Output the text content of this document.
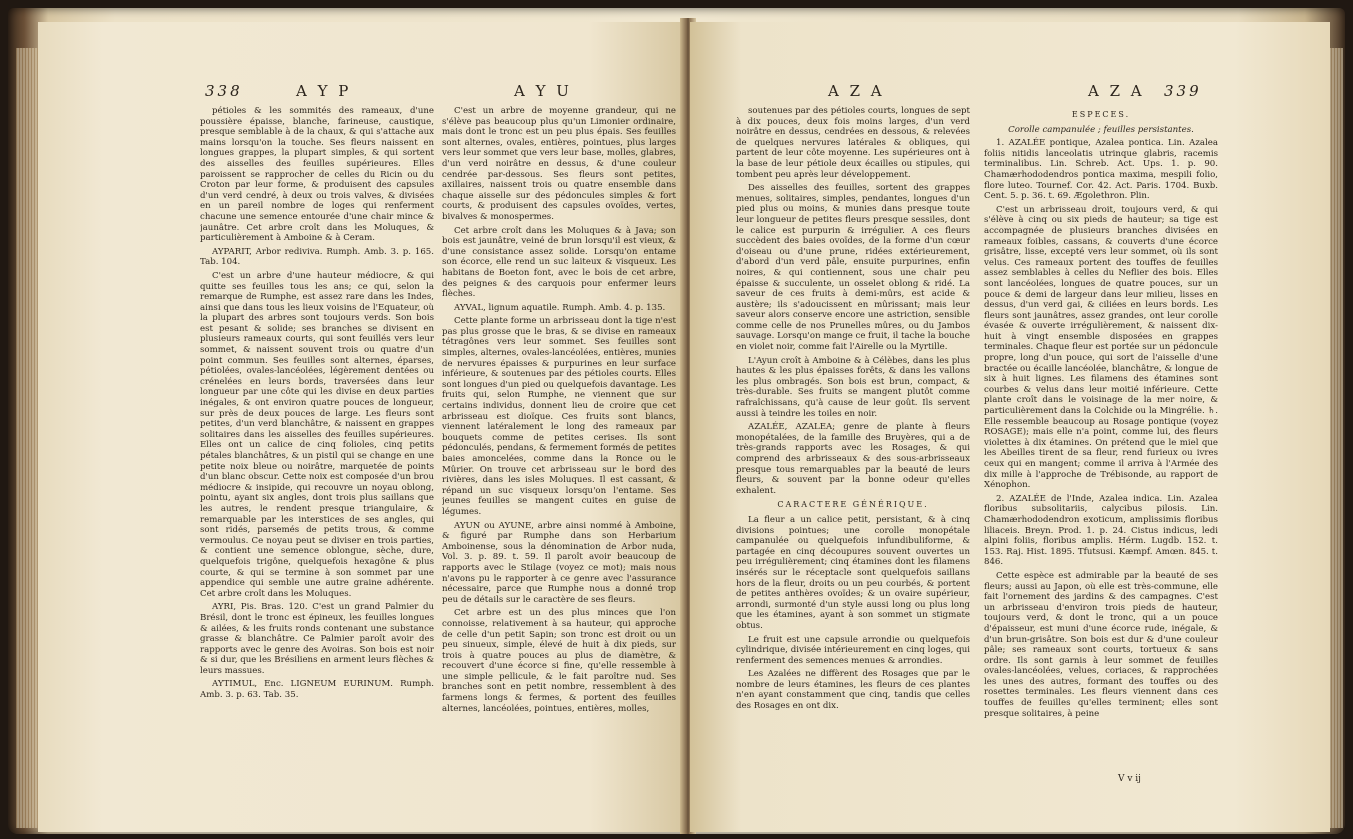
338	A Y P	A Y U

pétioles & les sommités des rameaux, d'une poussière épaisse, blanche, farineuse, caustique, presque semblable à de la chaux, & qui s'attache aux mains lorsqu'on la touche. Ses fleurs naissent en longues grappes, la plupart simples, & qui sortent des aisselles des feuilles supérieures. Elles paroissent se rapprocher de celles du Ricin ou du Croton par leur forme, & produisent des capsules d'un verd cendré, à deux ou trois valves, & divisées en un pareil nombre de loges qui renferment chacune une semence entourée d'une chair mince & jaunâtre. Cet arbre croît dans les Moluques, & particulièrement à Amboine & à Ceram.

AYPARIT, Arbor rediviva. Rumph. Amb. 3. p. 165. Tab. 104.

C'est un arbre d'une hauteur médiocre, & qui quitte ses feuilles tous les ans; ce qui, selon la remarque de Rumphe, est assez rare dans les Indes, ainsi que dans tous les lieux voisins de l'Equateur, où la plupart des arbres sont toujours verds. Son bois est pesant & solide; ses branches se divisent en plusieurs rameaux courts, qui sont feuillés vers leur sommet, & naissent souvent trois ou quatre d'un point commun. Ses feuilles sont alternes, éparses, pétiolées, ovales-lancéolées, légèrement dentées ou crénelées en leurs bords, traversées dans leur longueur par une côte qui les divise en deux parties inégales, & ont environ quatre pouces de longueur, sur près de deux pouces de large. Les fleurs sont petites, d'un verd blanchâtre, & naissent en grappes solitaires dans les aisselles des feuilles supérieures. Elles ont un calice de cinq folioles, cinq petits pétales blanchâtres, & un pistil qui se change en une petite noix bleue ou noirâtre, marquetée de points d'un blanc obscur. Cette noix est composée d'un brou médiocre & insipide, qui recouvre un noyau oblong, pointu, ayant six angles, dont trois plus saillans que les autres, le rendent presque triangulaire, & remarquable par les interstices de ses angles, qui sont ridés, parsemés de petits trous, & comme vermoulus. Ce noyau peut se diviser en trois parties, & contient une semence oblongue, sèche, dure, quelquefois trigône, quelquefois hexagône & plus courte, & qui se termine à son sommet par une appendice qui semble une autre graine adhérente. Cet arbre croît dans les Moluques.

AYRI, Pis. Bras. 120. C'est un grand Palmier du Brésil, dont le tronc est épineux, les feuilles longues & ailées, & les fruits ronds contenant une substance grasse & blanchâtre. Ce Palmier paroît avoir des rapports avec le genre des Avoiras. Son bois est noir & si dur, que les Brésiliens en arment leurs flèches & leurs massues.

AYTIMUL, Enc. LIGNEUM EURINUM. Rumph. Amb. 3. p. 63. Tab. 35.

C'est un arbre de moyenne grandeur, qui ne s'élève pas beaucoup plus qu'un Limonier ordinaire, mais dont le tronc est un peu plus épais. Ses feuilles sont alternes, ovales, entières, pointues, plus larges vers leur sommet que vers leur base, molles, glabres, d'un verd noirâtre en dessus, & d'une couleur cendrée par-dessous. Ses fleurs sont petites, axillaires, naissent trois ou quatre ensemble dans chaque aisselle sur des pédoncules simples & fort courts, & produisent des capsules ovoïdes, vertes, bivalves & monospermes.

Cet arbre croît dans les Moluques & à Java; son bois est jaunâtre, veiné de brun lorsqu'il est vieux, & d'une consistance assez solide. Lorsqu'on entame son écorce, elle rend un suc laiteux & visqueux. Les habitans de Boeton font, avec le bois de cet arbre, des peignes & des carquois pour enfermer leurs flèches.

AYVAL, lignum aquatile. Rumph. Amb. 4. p. 135.

Cette plante forme un arbrisseau dont la tige n'est pas plus grosse que le bras, & se divise en rameaux tétragônes vers leur sommet. Ses feuilles sont simples, alternes, ovales-lancéolées, entières, munies de nervures épaisses & purpurines en leur surface inférieure, & soutenues par des pétioles courts. Elles sont longues d'un pied ou quelquefois davantage. Les fruits qui, selon Rumphe, ne viennent que sur certains individus, donnent lieu de croire que cet arbrisseau est dioïque. Ces fruits sont blancs, viennent latéralement le long des rameaux par bouquets comme de petites cerises. Ils sont pédonculés, pendans, & fermement formés de petites baies amoncelées, comme dans la Ronce ou le Mûrier. On trouve cet arbrisseau sur le bord des rivières, dans les isles Moluques. Il est cassant, & répand un suc visqueux lorsqu'on l'entame. Ses jeunes feuilles se mangent cuites en guise de légumes.

AYUN ou AYUNE, arbre ainsi nommé à Amboine, & figuré par Rumphe dans son Herbarium Amboinense, sous la dénomination de Arbor nuda, Vol. 3. p. 89. t. 59. Il paroît avoir beaucoup de rapports avec le Stilage (voyez ce mot); mais nous n'avons pu le rapporter à ce genre avec l'assurance nécessaire, parce que Rumphe nous a donné trop peu de détails sur le caractère de ses fleurs.

Cet arbre est un des plus minces que l'on connoisse, relativement à sa hauteur, qui approche de celle d'un petit Sapin; son tronc est droit ou un peu sinueux, simple, élevé de huit à dix pieds, sur trois à quatre pouces au plus de diamètre, & recouvert d'une écorce si fine, qu'elle ressemble à une simple pellicule, & le fait paroître nud. Ses branches sont en petit nombre, ressemblent à des farmens longs & fermes, & portent des feuilles alternes, lancéolées, pointues, entières, molles,

A Z A	A Z A 339

soutenues par des pétioles courts, longues de sept à dix pouces, deux fois moins larges, d'un verd noirâtre en dessus, cendrées en dessous, & relevées de quelques nervures latérales & obliques, qui partent de leur côte moyenne. Les supérieures ont à la base de leur pétiole deux écailles ou stipules, qui tombent peu après leur développement.

Des aisselles des feuilles, sortent des grappes menues, solitaires, simples, pendantes, longues d'un pied plus ou moins, & munies dans presque toute leur longueur de petites fleurs presque sessiles, dont le calice est purpurin & irrégulier. A ces fleurs succèdent des baies ovoïdes, de la forme d'un cœur d'oiseau ou d'une prune, ridées extérieurement, d'abord d'un verd pâle, ensuite purpurines, enfin noires, & qui contiennent, sous une chair peu épaisse & succulente, un osselet oblong & ridé. La saveur de ces fruits à demi-mûrs, est acide & austère; ils s'adoucissent en mûrissant; mais leur saveur alors conserve encore une astriction, sensible comme celle de nos Prunelles mûres, ou du Jambos sauvage. Lorsqu'on mange ce fruit, il tache la bouche en violet noir, comme fait l'Airelle ou la Myrtille.

L'Ayun croît à Amboine & à Célèbes, dans les plus hautes & les plus épaisses forêts, & dans les vallons les plus ombragés. Son bois est brun, compact, & très-durable. Ses fruits se mangent plutôt comme rafraîchissans, qu'à cause de leur goût. Ils servent aussi à teindre les toiles en noir.

AZALÉE, AZALEA; genre de plante à fleurs monopétalées, de la famille des Bruyères, qui a de très-grands rapports avec les Rosages, & qui comprend des arbrisseaux & des sous-arbrisseaux presque tous remarquables par la beauté de leurs fleurs, & souvent par la bonne odeur qu'elles exhalent.

CARACTERE GÉNÉRIQUE.

La fleur a un calice petit, persistant, & à cinq divisions pointues; une corolle monopétale campanulée ou quelquefois infundibuliforme, & partagée en cinq découpures souvent ouvertes un peu irrégulièrement; cinq étamines dont les filamens insérés sur le réceptacle sont quelquefois saillans hors de la fleur, droits ou un peu courbés, & portent de petites anthères ovoïdes; & un ovaire supérieur, arrondi, surmonté d'un style aussi long ou plus long que les étamines, ayant à son sommet un stigmate obtus.

Le fruit est une capsule arrondie ou quelquefois cylindrique, divisée intérieurement en cinq loges, qui renferment des semences menues & arrondies.

Les Azalées ne diffèrent des Rosages que par le nombre de leurs étamines, les fleurs de ces plantes n'en ayant constamment que cinq, tandis que celles des Rosages en ont dix.

ESPECES.

Corolle campanulée ; feuilles persistantes.

1. AZALÉE pontique, Azalea pontica. Lin. Azalea foliis nitidis lanceolatis utrinque glabris, racemis terminalibus. Lin. Schreb. Act. Ups. 1. p. 90. Chamærhododendros pontica maxima, mespili folio, flore luteo. Tournef. Cor. 42. Act. Paris. 1704. Buxb. Cent. 5. p. 36. t. 69. Ægolethron. Plin.

C'est un arbrisseau droit, toujours verd, & qui s'élève à cinq ou six pieds de hauteur; sa tige est accompagnée de plusieurs branches divisées en rameaux foibles, cassans, & couverts d'une écorce grisâtre, lisse, excepté vers leur sommet, où ils sont velus. Ces rameaux portent des touffes de feuilles assez semblables à celles du Neflier des bois. Elles sont lancéolées, longues de quatre pouces, sur un pouce & demi de largeur dans leur milieu, lisses en dessus, d'un verd gai, & ciliées en leurs bords. Les fleurs sont jaunâtres, assez grandes, ont leur corolle évasée & ouverte irrégulièrement, & naissent dix-huit à vingt ensemble disposées en grappes terminales. Chaque fleur est portée sur un pédoncule propre, long d'un pouce, qui sort de l'aisselle d'une bractée ou écaille lancéolée, blanchâtre, & longue de six à huit lignes. Les filamens des étamines sont courbes & velus dans leur moitié inférieure. Cette plante croît dans le voisinage de la mer noire, & particulièrement dans la Colchide ou la Mingrélie. ♄. Elle ressemble beaucoup au Rosage pontique (voyez ROSAGE); mais elle n'a point, comme lui, des fleurs violettes à dix étamines. On prétend que le miel que les Abeilles tirent de sa fleur, rend furieux ou ivres ceux qui en mangent; comme il arriva à l'Armée des dix mille à l'approche de Trébisonde, au rapport de Xénophon.

2. AZALÉE de l'Inde, Azalea indica. Lin. Azalea floribus subsolitariis, calycibus pilosis. Lin. Chamærhododendron exoticum, amplissimis floribus liliaceis. Breyn. Prod. 1. p. 24. Cistus indicus, ledi alpini foliis, floribus amplis. Hérm. Lugdb. 152. t. 153. Raj. Hist. 1895. Tfutsusi. Kæmpf. Amœn. 845. t. 846.

Cette espèce est admirable par la beauté de ses fleurs; aussi au Japon, où elle est très-commune, elle fait l'ornement des jardins & des campagnes. C'est un arbrisseau d'environ trois pieds de hauteur, toujours verd, & dont le tronc, qui a un pouce d'épaisseur, est muni d'une écorce rude, inégale, & d'un brun-grisâtre. Son bois est dur & d'une couleur pâle; ses rameaux sont courts, tortueux & sans ordre. Ils sont garnis à leur sommet de feuilles ovales-lancéolées, velues, coriaces, & rapprochées les unes des autres, formant des touffes ou des rosettes terminales. Les fleurs viennent dans ces touffes de feuilles qu'elles terminent; elles sont presque solitaires, à peine

V v ij
